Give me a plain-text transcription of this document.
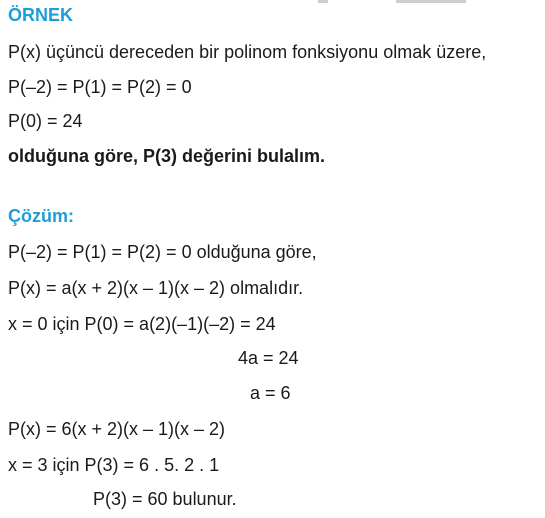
ÖRNEK
P(x) üçüncü dereceden bir polinom fonksiyonu olmak üzere,
P(–2) = P(1) = P(2) = 0
P(0) = 24
olduğuna göre, P(3) değerini bulalım.
Çözüm:
P(–2) = P(1) = P(2) = 0 olduğuna göre,
P(x) = a(x + 2)(x – 1)(x – 2) olmalıdır.
x = 0 için P(0) = a(2)(–1)(–2) = 24
4a = 24
a = 6
P(x) = 6(x + 2)(x – 1)(x – 2)
x = 3 için P(3) = 6 . 5. 2 . 1
P(3) = 60 bulunur.
